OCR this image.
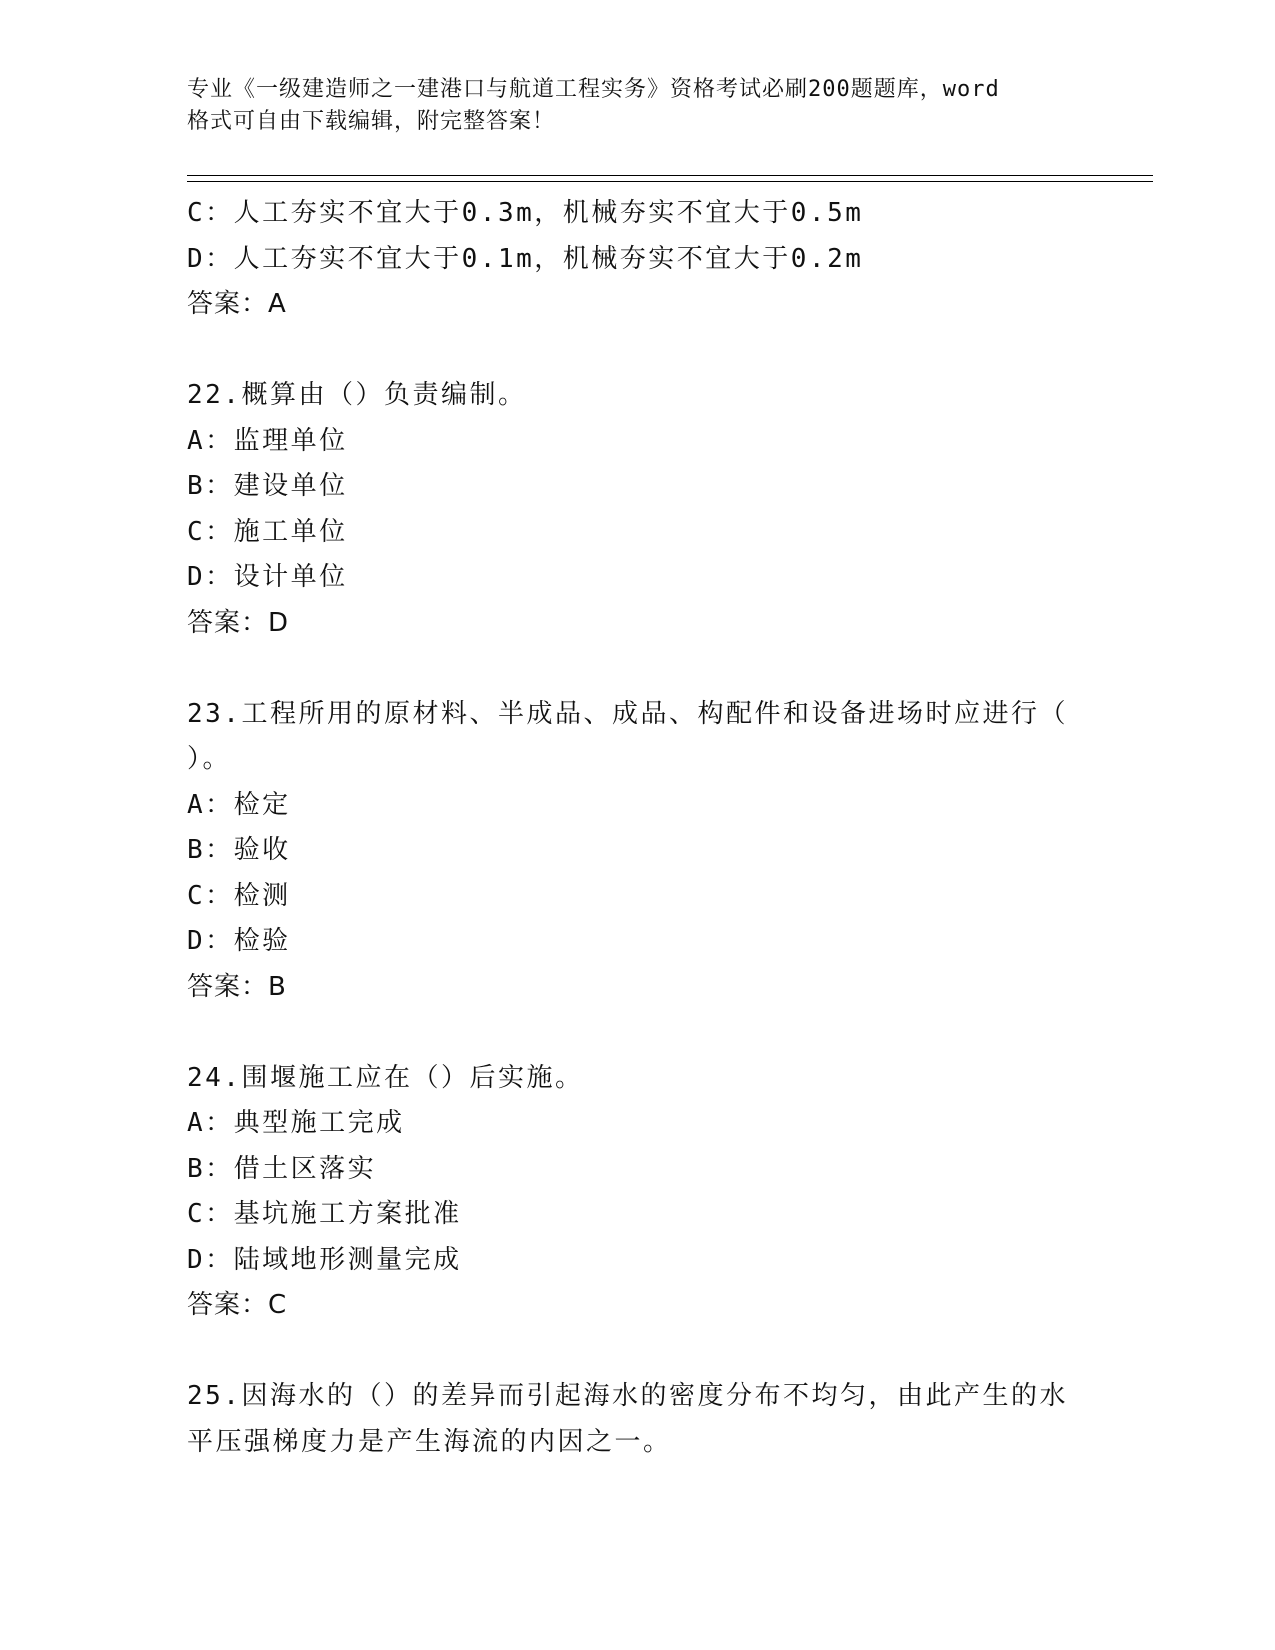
专业《一级建造师之一建港口与航道工程实务》资格考试必刷200题题库，word
格式可自由下载编辑，附完整答案！
C：人工夯实不宜大于0.3m，机械夯实不宜大于0.5m
D：人工夯实不宜大于0.1m，机械夯实不宜大于0.2m
答案：A
22.概算由（）负责编制。
A：监理单位
B：建设单位
C：施工单位
D：设计单位
答案：D
23.工程所用的原材料、半成品、成品、构配件和设备进场时应进行（
）。
A：检定
B：验收
C：检测
D：检验
答案：B
24.围堰施工应在（）后实施。
A：典型施工完成
B：借土区落实
C：基坑施工方案批准
D：陆域地形测量完成
答案：C
25.因海水的（）的差异而引起海水的密度分布不均匀，由此产生的水
平压强梯度力是产生海流的内因之一。
